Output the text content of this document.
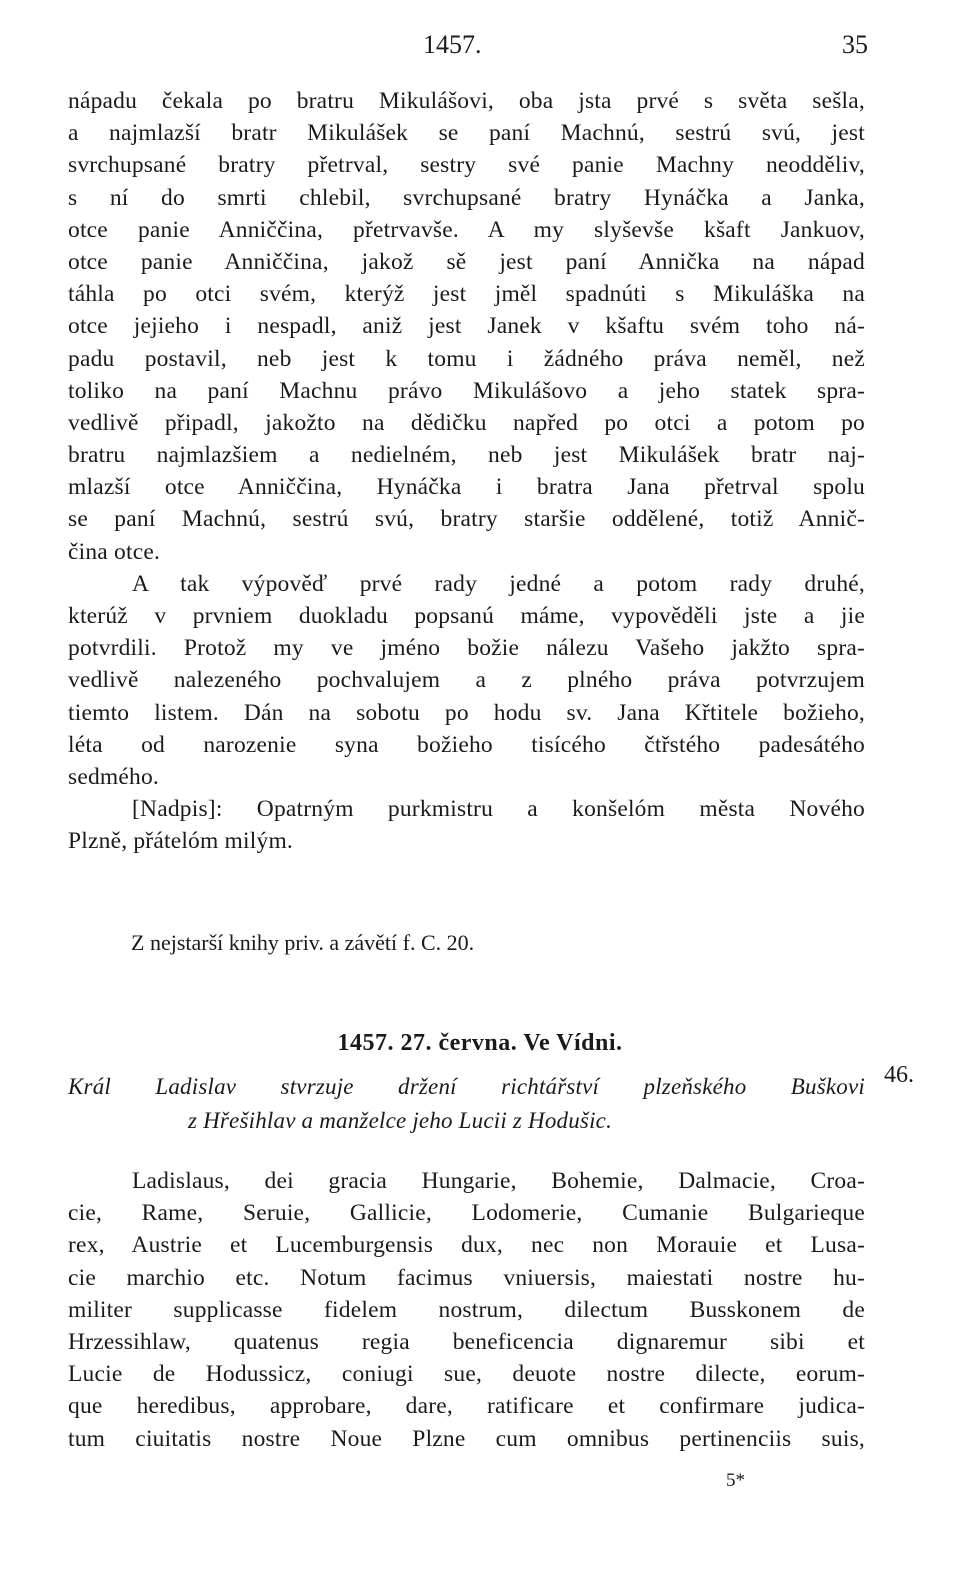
1457.	35
nápadu čekala po bratru Mikulášovi, oba jsta prvé s světa sešla,
a najmlazší bratr Mikulášek se paní Machnú, sestrú svú, jest
svrchupsané bratry přetrval, sestry své panie Machny neodděliv,
s ní do smrti chlebil, svrchupsané bratry Hynáčka a Janka,
otce panie Anniččina, přetrvavše. A my slyševše kšaft Jankuov,
otce panie Anniččina, jakož sě jest paní Annička na nápad
táhla po otci svém, kterýž jest jměl spadnúti s Mikuláška na
otce jejieho i nespadl, aniž jest Janek v kšaftu svém toho ná-
padu postavil, neb jest k tomu i žádného práva neměl, než
toliko na paní Machnu právo Mikulášovo a jeho statek spra-
vedlivě připadl, jakožto na dědičku napřed po otci a potom po
bratru najmlazšiem a nedielném, neb jest Mikulášek bratr naj-
mlazší otce Anniččina, Hynáčka i bratra Jana přetrval spolu
se paní Machnú, sestrú svú, bratry staršie oddělené, totiž Annič-
čina otce.
A tak výpověď prvé rady jedné a potom rady druhé,
kterúž v prvniem duokladu popsanú máme, vypověděli jste a jie
potvrdili. Protož my ve jméno božie nálezu Vašeho jakžto spra-
vedlivě nalezeného pochvalujem a z plného práva potvrzujem
tiemto listem. Dán na sobotu po hodu sv. Jana Křtitele božieho,
léta od narozenie syna božieho tisícého čtřstého padesátého
sedmého.
[Nadpis]: Opatrným purkmistru a konšelóm města Nového
Plzně, přátelóm milým.
Z nejstarší knihy priv. a závětí f. C. 20.
1457. 27. června. Ve Vídni.
46.
Král Ladislav stvrzuje držení richtářství plzeňského Buškovi
z Hřešihlav a manželce jeho Lucii z Hodušic.
Ladislaus, dei gracia Hungarie, Bohemie, Dalmacie, Croa-
cie, Rame, Seruie, Gallicie, Lodomerie, Cumanie Bulgarieque
rex, Austrie et Lucemburgensis dux, nec non Morauie et Lusa-
cie marchio etc. Notum facimus vniuersis, maiestati nostre hu-
militer supplicasse fidelem nostrum, dilectum Busskonem de
Hrzessihlaw, quatenus regia beneficencia dignaremur sibi et
Lucie de Hodussicz, coniugi sue, deuote nostre dilecte, eorum-
que heredibus, approbare, dare, ratificare et confirmare judica-
tum ciuitatis nostre Noue Plzne cum omnibus pertinenciis suis,
5*
